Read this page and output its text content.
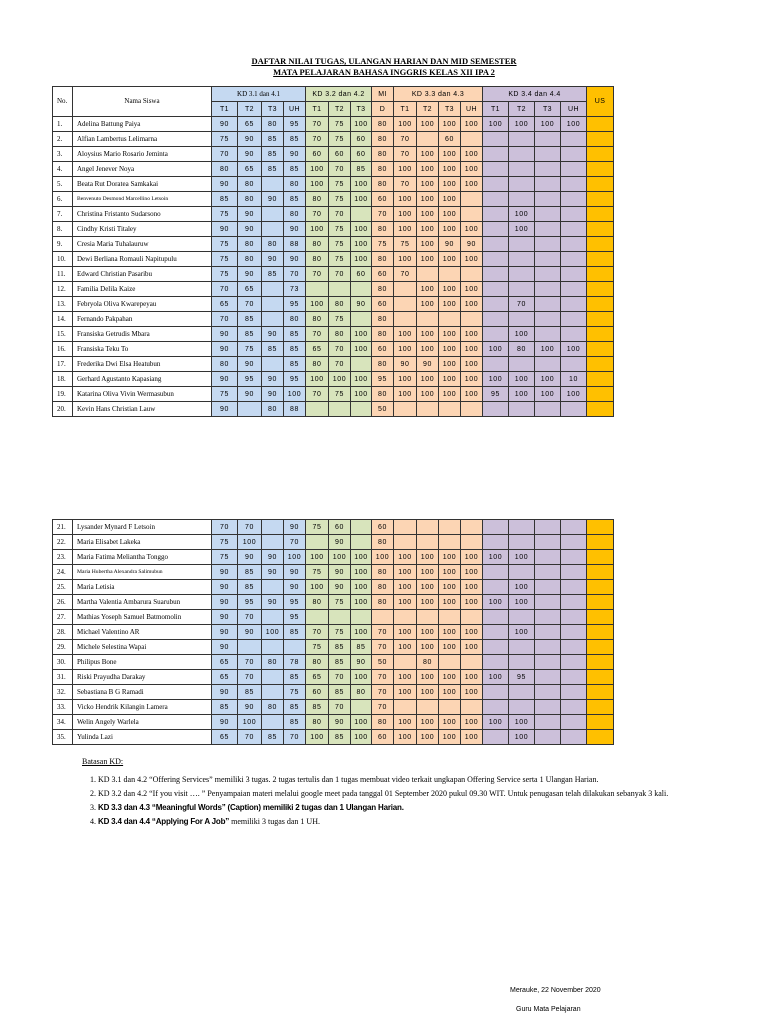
DAFTAR NILAI TUGAS, ULANGAN HARIAN DAN MID SEMESTER
MATA PELAJARAN BAHASA INGGRIS KELAS XII IPA 2
No.	Nama Siswa	KD 3.1 dan 4.1				KD 3.2 dan 4.2			MI	KD 3.3 dan 4.3				KD 3.4 dan 4.4				US
		T1	T2	T3	UH	T1	T2	T3	D	T1	T2	T3	UH	T1	T2	T3	UH	
1.	Adelina Battung Paiya	90	65	80	95	70	75	100	80	100	100	100	100	100	100	100	100	
2.	Alfian Lambertus Lelimarna	75	90	85	85	70	75	60	80	70		60						
3.	Aloysius Mario Rosario Jeminta	70	90	85	90	60	60	60	80	70	100	100	100					
4.	Angel Jenever Noya	80	65	85	85	100	70	85	80	100	100	100	100					
5.	Beata Rut Doratea Samkakai	90	80		80	100	75	100	80	70	100	100	100					
6.	Benvenuto Desmond Marcellino Letsoin	85	80	90	85	80	75	100	60	100	100	100						
7.	Christina Fristanto Sudarsono	75	90		80	70	70		70	100	100	100			100			
8.	Cindhy Kristi Titaley	90	90		90	100	75	100	80	100	100	100	100		100			
9.	Cresia Maria Tuhalauruw	75	80	80	88	80	75	100	75	75	100	90	90					
10.	Dewi Berliana Romauli Napitupulu	75	80	90	90	80	75	100	80	100	100	100	100					
11.	Edward Christian Pasaribu	75	90	85	70	70	70	60	60	70								
12.	Familia Delila Kaize	70	65		73				80		100	100	100					
13.	Febryola Oliva Kwarepeyau	65	70		95	100	80	90	60		100	100	100		70			
14.	Fernando Pakpahan	70	85		80	80	75		80									
15.	Fransiska Getrudis Mbara	90	85	90	85	70	80	100	80	100	100	100	100		100			
16.	Fransiska Teku To	90	75	85	85	65	70	100	60	100	100	100	100	100	80	100	100	
17.	Frederika Dwi Elsa Heatubun	80	90		85	80	70		80	90	90	100	100					
18.	Gerhard Agustanto Kapasiang	90	95	90	95	100	100	100	95	100	100	100	100	100	100	100	10	
19.	Katarina Oliva Vivin Wermasubun	75	90	90	100	70	75	100	80	100	100	100	100	95	100	100	100	
20.	Kevin Hans Christian Lauw	90		80	88				50									
21.	Lysander Mynard F Letsoin	70	70		90	75	60		60									
22.	Maria Elisabet Lakeka	75	100		70		90		80									
23.	Maria Fatima Meliantha Tonggo	75	90	90	100	100	100	100	100	100	100	100	100	100	100			
24.	Maria Hubertha Alexandra Salimubun	90	85	90	90	75	90	100	80	100	100	100	100					
25.	Maria Letisia	90	85		90	100	90	100	80	100	100	100	100		100			
26.	Martha Valentia Ambarura Suarubun	90	95	90	95	80	75	100	80	100	100	100	100	100	100			
27.	Mathias Yoseph Samuel Batmomolin	90	70		95													
28.	Michael Valentino AR	90	90	100	85	70	75	100	70	100	100	100	100		100			
29.	Michele Selestina Wapai	90				75	85	85	70	100	100	100	100					
30.	Philipus Bone	65	70	80	78	80	85	90	50		80							
31.	Riski Prayudha Darakay	65	70		85	65	70	100	70	100	100	100	100	100	95			
32.	Sebastiana B G Ramadi	90	85		75	60	85	80	70	100	100	100	100					
33.	Vicko Hendrik Kilangin Lamera	85	90	80	85	85	70		70									
34.	Welin Angely Warlela	90	100		85	80	90	100	80	100	100	100	100	100	100			
35.	Yulinda Lazi	65	70	85	70	100	85	100	60	100	100	100	100		100			
Batasan KD:
1. KD 3.1 dan 4.2 “Offering Services” memiliki 3 tugas. 2 tugas tertulis dan 1 tugas membuat video terkait ungkapan Offering Service serta 1 Ulangan Harian.
2. KD 3.2 dan 4.2 “If you visit …. ” Penyampaian materi melalui google meet pada tanggal 01 September 2020 pukul 09.30 WIT. Untuk penugasan telah dilakukan sebanyak 3 kali.
3. KD 3.3 dan 4.3 “Meaningful Words” (Caption) memiliki 2 tugas dan 1 Ulangan Harian.
4. KD 3.4 dan 4.4 “Applying For A Job” memiliki 3 tugas dan 1 UH.
Merauke, 22 November 2020
Guru Mata Pelajaran
